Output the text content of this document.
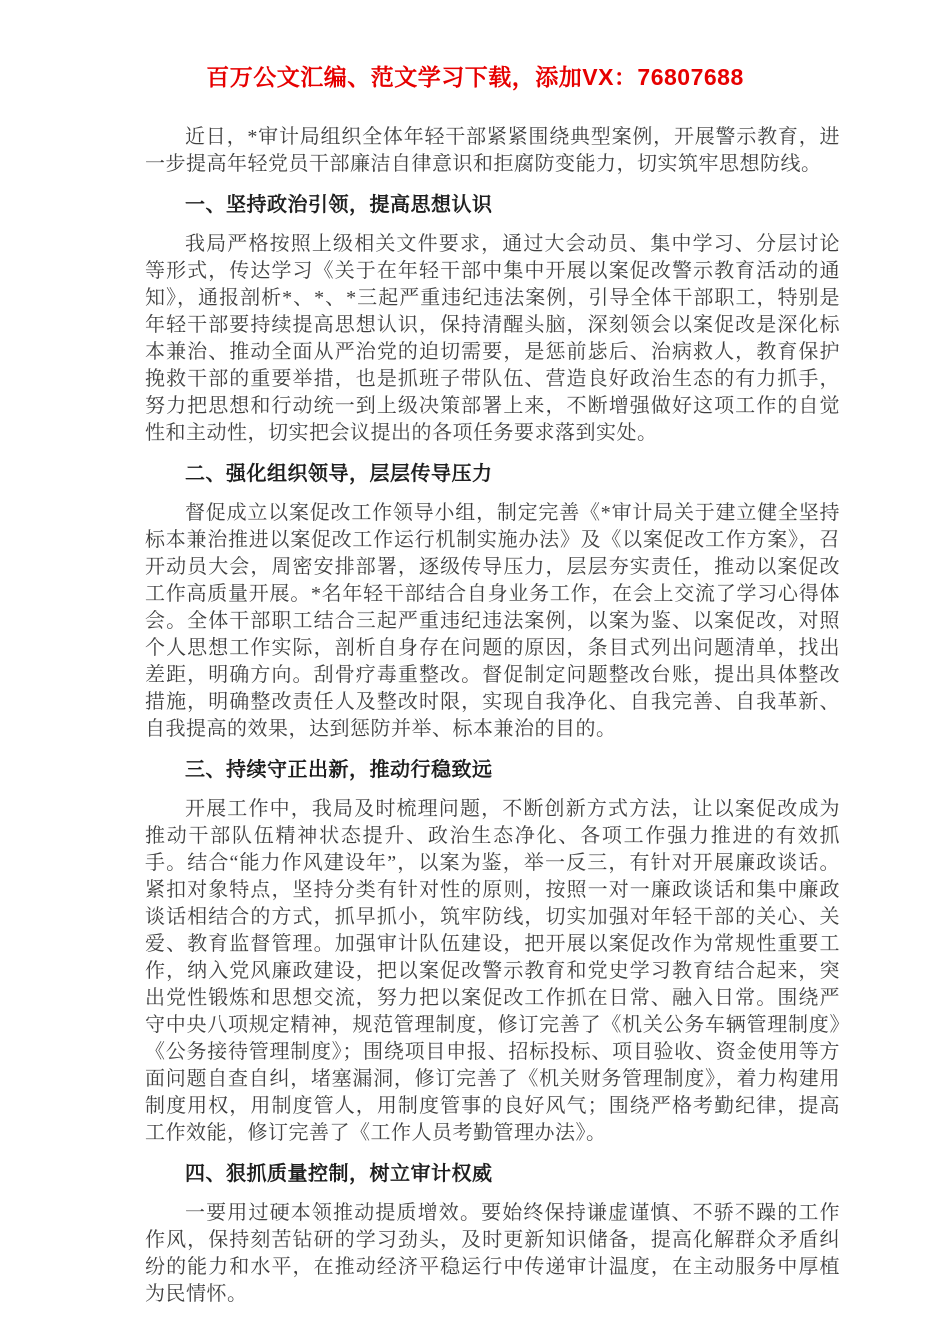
百万公文汇编、范文学习下载，添加VX：76807688

近日，*审计局组织全体年轻干部紧紧围绕典型案例，开展警示教育，进一步提高年轻党员干部廉洁自律意识和拒腐防变能力，切实筑牢思想防线。

一、坚持政治引领，提高思想认识

我局严格按照上级相关文件要求，通过大会动员、集中学习、分层讨论等形式，传达学习《关于在年轻干部中集中开展以案促改警示教育活动的通知》，通报剖析*、*、*三起严重违纪违法案例，引导全体干部职工，特别是年轻干部要持续提高思想认识，保持清醒头脑，深刻领会以案促改是深化标本兼治、推动全面从严治党的迫切需要，是惩前毖后、治病救人，教育保护挽救干部的重要举措，也是抓班子带队伍、营造良好政治生态的有力抓手，努力把思想和行动统一到上级决策部署上来，不断增强做好这项工作的自觉性和主动性，切实把会议提出的各项任务要求落到实处。

二、强化组织领导，层层传导压力

督促成立以案促改工作领导小组，制定完善《*审计局关于建立健全坚持标本兼治推进以案促改工作运行机制实施办法》及《以案促改工作方案》，召开动员大会，周密安排部署，逐级传导压力，层层夯实责任，推动以案促改工作高质量开展。*名年轻干部结合自身业务工作，在会上交流了学习心得体会。全体干部职工结合三起严重违纪违法案例，以案为鉴、以案促改，对照个人思想工作实际，剖析自身存在问题的原因，条目式列出问题清单，找出差距，明确方向。刮骨疗毒重整改。督促制定问题整改台账，提出具体整改措施，明确整改责任人及整改时限，实现自我净化、自我完善、自我革新、自我提高的效果，达到惩防并举、标本兼治的目的。

三、持续守正出新，推动行稳致远

开展工作中，我局及时梳理问题，不断创新方式方法，让以案促改成为推动干部队伍精神状态提升、政治生态净化、各项工作强力推进的有效抓手。结合“能力作风建设年”，以案为鉴，举一反三，有针对开展廉政谈话。紧扣对象特点，坚持分类有针对性的原则，按照一对一廉政谈话和集中廉政谈话相结合的方式，抓早抓小，筑牢防线，切实加强对年轻干部的关心、关爱、教育监督管理。加强审计队伍建设，把开展以案促改作为常规性重要工作，纳入党风廉政建设，把以案促改警示教育和党史学习教育结合起来，突出党性锻炼和思想交流，努力把以案促改工作抓在日常、融入日常。围绕严守中央八项规定精神，规范管理制度，修订完善了《机关公务车辆管理制度》《公务接待管理制度》；围绕项目申报、招标投标、项目验收、资金使用等方面问题自查自纠，堵塞漏洞，修订完善了《机关财务管理制度》，着力构建用制度用权，用制度管人，用制度管事的良好风气；围绕严格考勤纪律，提高工作效能，修订完善了《工作人员考勤管理办法》。

四、狠抓质量控制，树立审计权威

一要用过硬本领推动提质增效。要始终保持谦虚谨慎、不骄不躁的工作作风，保持刻苦钻研的学习劲头，及时更新知识储备，提高化解群众矛盾纠纷的能力和水平，在推动经济平稳运行中传递审计温度，在主动服务中厚植为民情怀。
